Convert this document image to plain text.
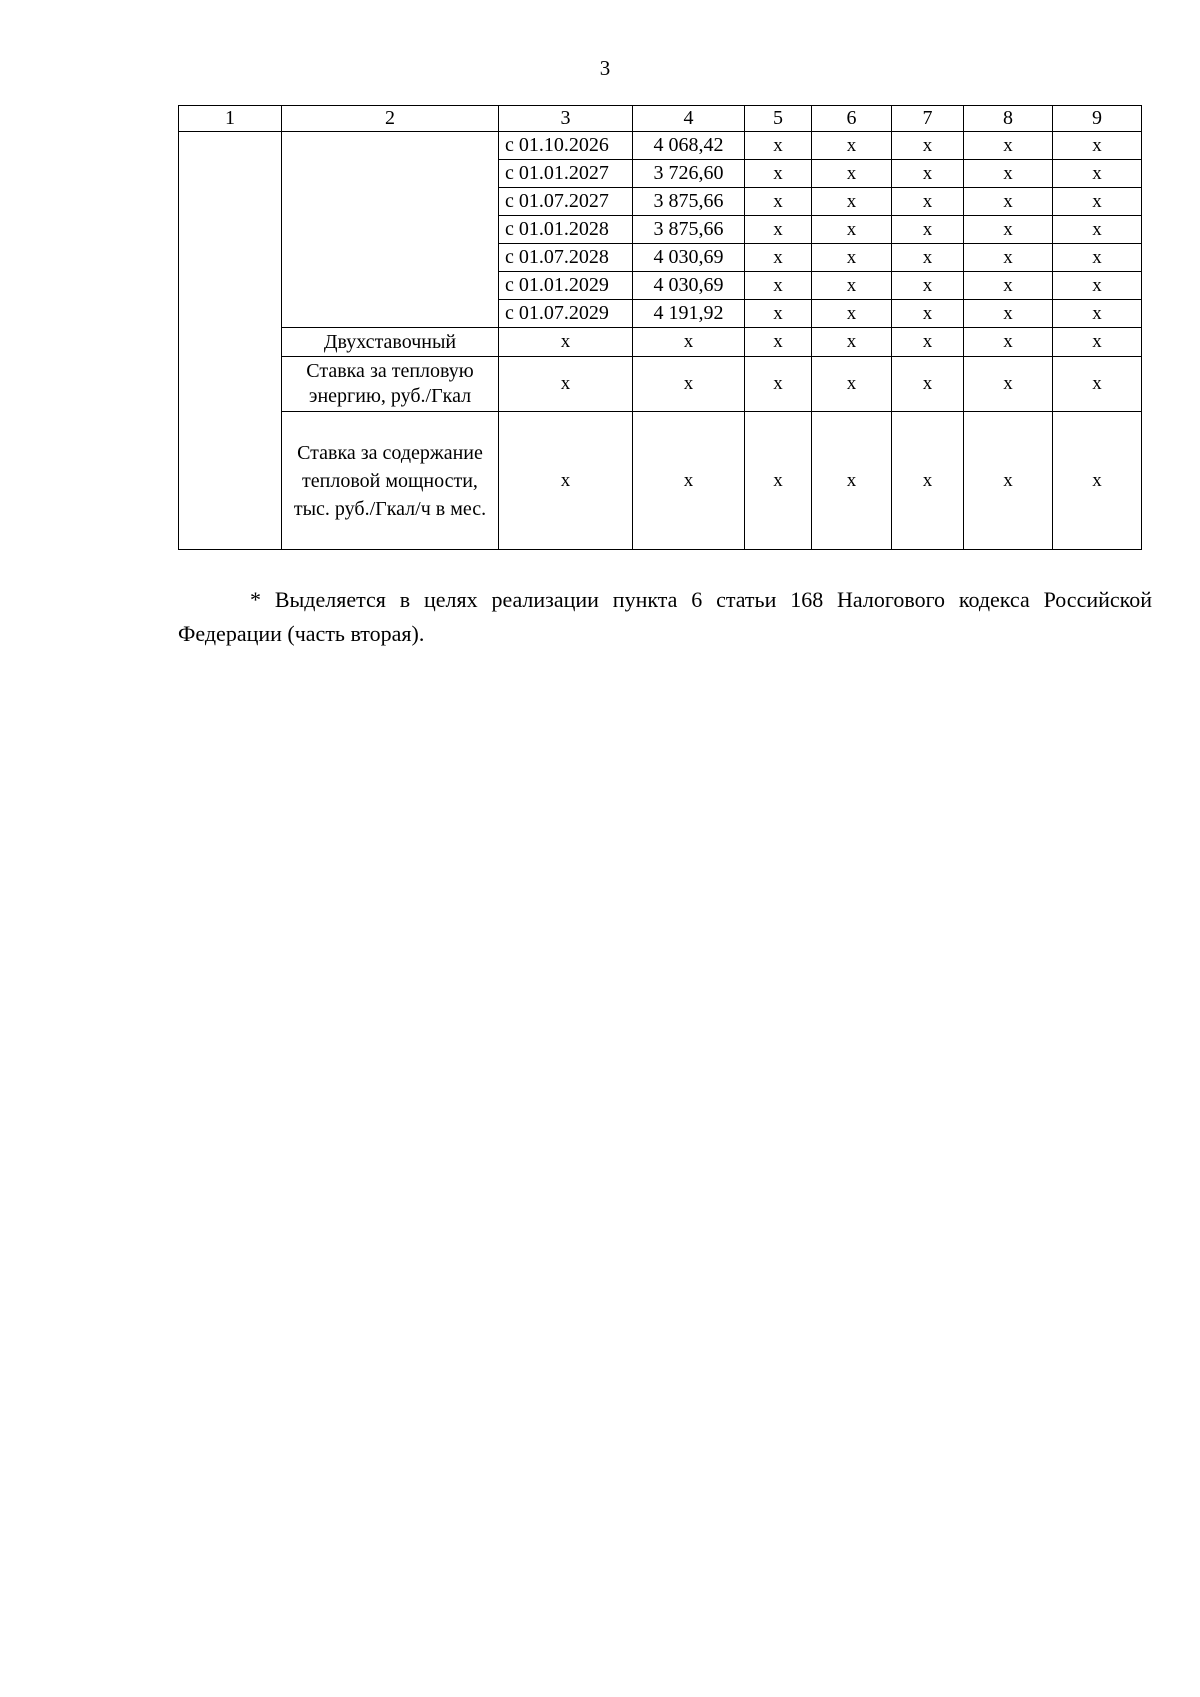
3
1	2	3	4	5	6	7	8	9
		с 01.10.2026	4 068,42	х	х	х	х	х
		с 01.01.2027	3 726,60	х	х	х	х	х
		с 01.07.2027	3 875,66	х	х	х	х	х
		с 01.01.2028	3 875,66	х	х	х	х	х
		с 01.07.2028	4 030,69	х	х	х	х	х
		с 01.01.2029	4 030,69	х	х	х	х	х
		с 01.07.2029	4 191,92	х	х	х	х	х
	Двухставочный	х	х	х	х	х	х	х
	Ставка за тепловую энергию, руб./Гкал	х	х	х	х	х	х	х
	Ставка за содержание тепловой мощности, тыс. руб./Гкал/ч в мес.	х	х	х	х	х	х	х

* Выделяется в целях реализации пункта 6 статьи 168 Налогового кодекса Российской Федерации (часть вторая).
